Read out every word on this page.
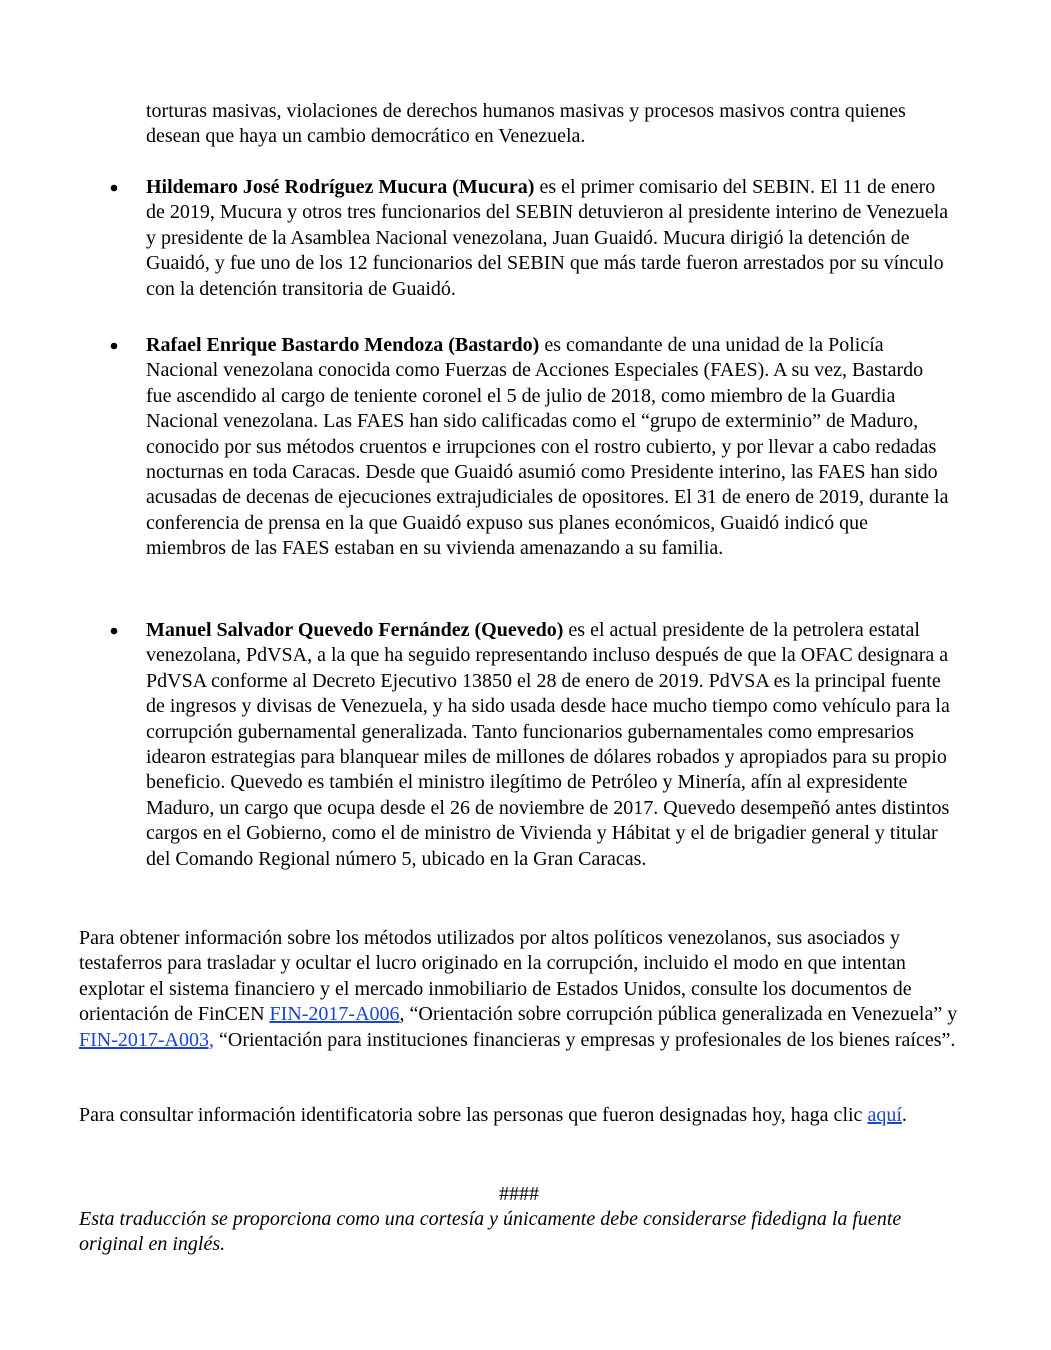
torturas masivas, violaciones de derechos humanos masivas y procesos masivos contra quienes desean que haya un cambio democrático en Venezuela.
Hildemaro José Rodríguez Mucura (Mucura) es el primer comisario del SEBIN. El 11 de enero de 2019, Mucura y otros tres funcionarios del SEBIN detuvieron al presidente interino de Venezuela y presidente de la Asamblea Nacional venezolana, Juan Guaidó. Mucura dirigió la detención de Guaidó, y fue uno de los 12 funcionarios del SEBIN que más tarde fueron arrestados por su vínculo con la detención transitoria de Guaidó.
Rafael Enrique Bastardo Mendoza (Bastardo) es comandante de una unidad de la Policía Nacional venezolana conocida como Fuerzas de Acciones Especiales (FAES). A su vez, Bastardo fue ascendido al cargo de teniente coronel el 5 de julio de 2018, como miembro de la Guardia Nacional venezolana. Las FAES han sido calificadas como el “grupo de exterminio” de Maduro, conocido por sus métodos cruentos e irrupciones con el rostro cubierto, y por llevar a cabo redadas nocturnas en toda Caracas. Desde que Guaidó asumió como Presidente interino, las FAES han sido acusadas de decenas de ejecuciones extrajudiciales de opositores. El 31 de enero de 2019, durante la conferencia de prensa en la que Guaidó expuso sus planes económicos, Guaidó indicó que miembros de las FAES estaban en su vivienda amenazando a su familia.
Manuel Salvador Quevedo Fernández (Quevedo) es el actual presidente de la petrolera estatal venezolana, PdVSA, a la que ha seguido representando incluso después de que la OFAC designara a PdVSA conforme al Decreto Ejecutivo 13850 el 28 de enero de 2019. PdVSA es la principal fuente de ingresos y divisas de Venezuela, y ha sido usada desde hace mucho tiempo como vehículo para la corrupción gubernamental generalizada. Tanto funcionarios gubernamentales como empresarios idearon estrategias para blanquear miles de millones de dólares robados y apropiados para su propio beneficio. Quevedo es también el ministro ilegítimo de Petróleo y Minería, afín al expresidente Maduro, un cargo que ocupa desde el 26 de noviembre de 2017. Quevedo desempeñó antes distintos cargos en el Gobierno, como el de ministro de Vivienda y Hábitat y el de brigadier general y titular del Comando Regional número 5, ubicado en la Gran Caracas.
Para obtener información sobre los métodos utilizados por altos políticos venezolanos, sus asociados y testaferros para trasladar y ocultar el lucro originado en la corrupción, incluido el modo en que intentan explotar el sistema financiero y el mercado inmobiliario de Estados Unidos, consulte los documentos de orientación de FinCEN FIN-2017-A006, “Orientación sobre corrupción pública generalizada en Venezuela” y FIN-2017-A003, “Orientación para instituciones financieras y empresas y profesionales de los bienes raíces”.
Para consultar información identificatoria sobre las personas que fueron designadas hoy, haga clic aquí.
####
Esta traducción se proporciona como una cortesía y únicamente debe considerarse fidedigna la fuente original en inglés.
